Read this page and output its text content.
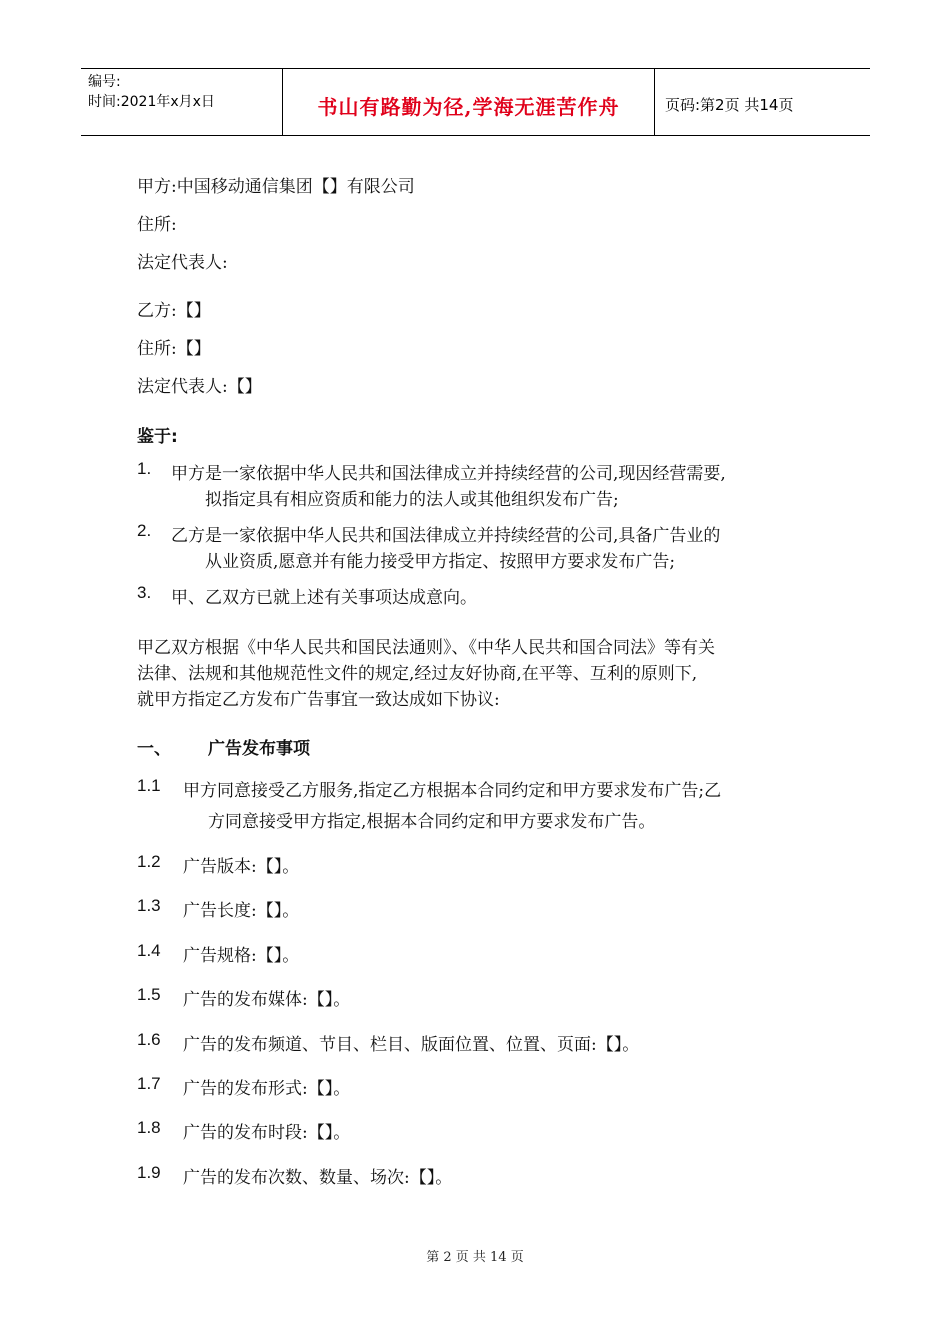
编号:
时间:2021年x月x日	书山有路勤为径,学海无涯苦作舟	页码:第2页 共14页
甲方:中国移动通信集团【】有限公司
住所:
法定代表人:
乙方:【】
住所:【】
法定代表人:【】
鉴于:
1. 甲方是一家依据中华人民共和国法律成立并持续经营的公司,现因经营需要,
拟指定具有相应资质和能力的法人或其他组织发布广告;
2. 乙方是一家依据中华人民共和国法律成立并持续经营的公司,具备广告业的
从业资质,愿意并有能力接受甲方指定、按照甲方要求发布广告;
3. 甲、乙双方已就上述有关事项达成意向。
甲乙双方根据《中华人民共和国民法通则》、《中华人民共和国合同法》等有关
法律、法规和其他规范性文件的规定,经过友好协商,在平等、互利的原则下,
就甲方指定乙方发布广告事宜一致达成如下协议:
一、 广告发布事项
1.1 甲方同意接受乙方服务,指定乙方根据本合同约定和甲方要求发布广告;乙
方同意接受甲方指定,根据本合同约定和甲方要求发布广告。
1.2 广告版本:【】。
1.3 广告长度:【】。
1.4 广告规格:【】。
1.5 广告的发布媒体:【】。
1.6 广告的发布频道、节目、栏目、版面位置、位置、页面:【】。
1.7 广告的发布形式:【】。
1.8 广告的发布时段:【】。
1.9 广告的发布次数、数量、场次:【】。
第 2 页 共 14 页
